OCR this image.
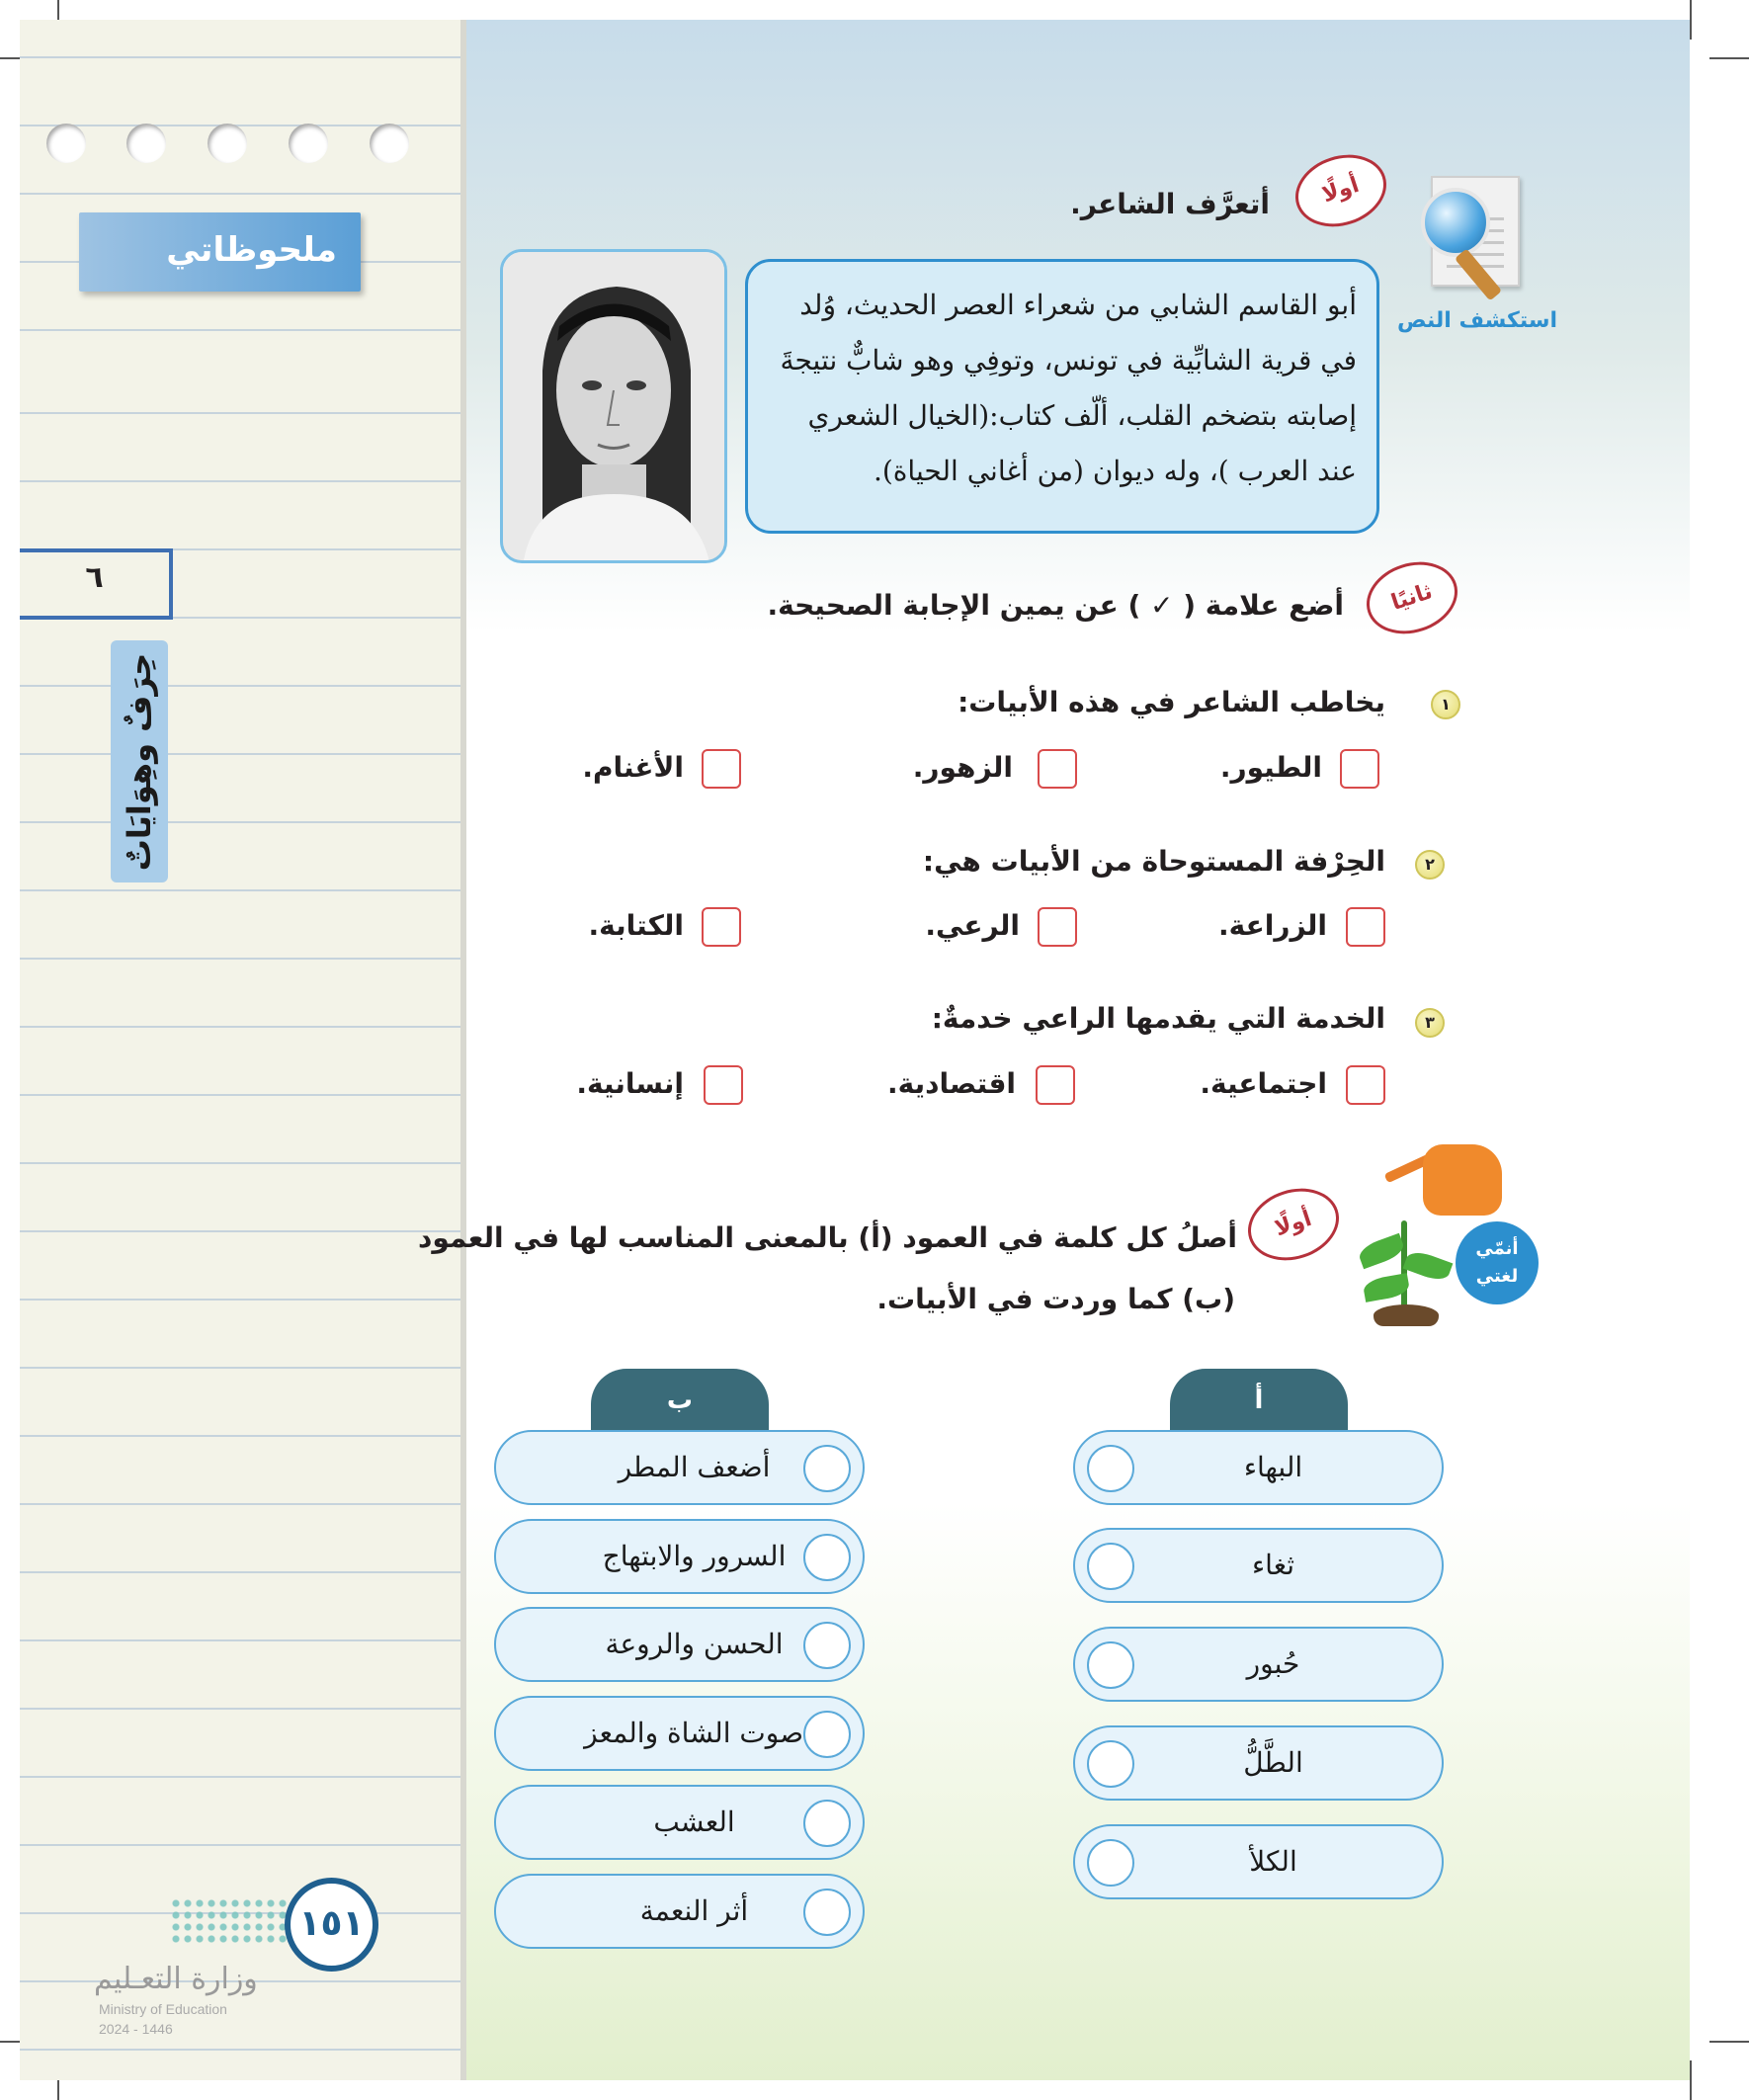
ملحوظاتي
٦
حِرَفٌ وهِوَايَاتٌ
١٥١
وزارة التعـليم
Ministry of Education
2024 - 1446
استكشف النص
أولًا
أتعرَّف الشاعر.
أبو القاسم الشابي من شعراء العصر الحديث، وُلد
في قرية الشابِّية في تونس، وتوفِي وهو شابٌّ نتيجةَ
إصابته بتضخم القلب، ألّف كتاب:(الخيال الشعري
عند العرب )، وله ديوان (من أغاني الحياة).
ثانيًا
أضع علامة ( ✓ ) عن يمين الإجابة الصحيحة.
١
يخاطب الشاعر في هذه الأبيات:
الطيور.
الزهور.
الأغنام.
٢
الحِرْفة المستوحاة من الأبيات هي:
الزراعة.
الرعي.
الكتابة.
٣
الخدمة التي يقدمها الراعي خدمةٌ:
اجتماعية.
اقتصادية.
إنسانية.
أنمّي
لغتي
أولًا
أصلُ كل كلمة في العمود (أ) بالمعنى المناسب لها في العمود
(ب) كما وردت في الأبيات.
أ
ب
البهاء
ثغاء
حُبور
الطَّلُّ
الكلأ
أضعف المطر
السرور والابتهاج
الحسن والروعة
صوت الشاة والمعز
العشب
أثر النعمة
